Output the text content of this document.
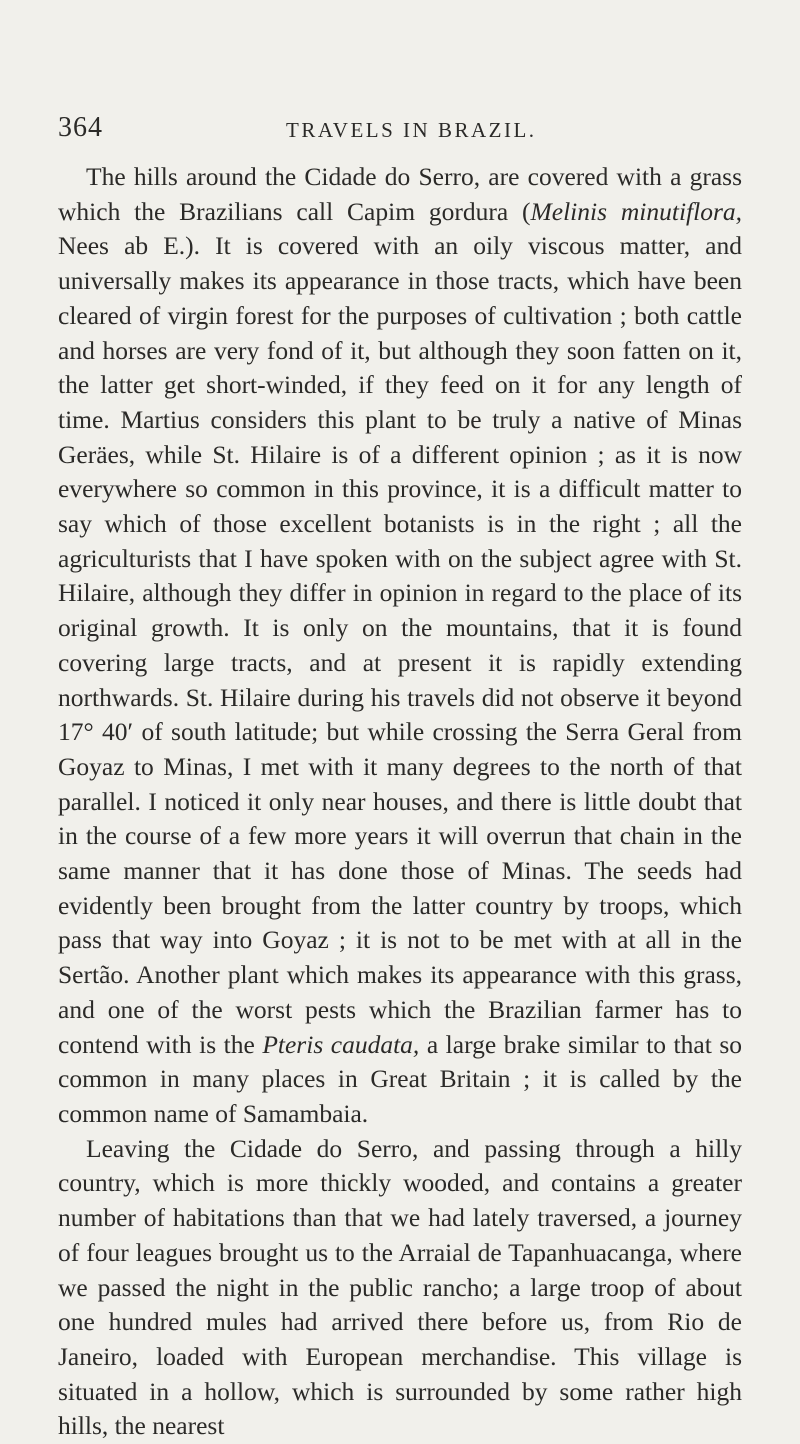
364	TRAVELS IN BRAZIL.

The hills around the Cidade do Serro, are covered with a grass which the Brazilians call Capim gordura (Melinis minutiflora, Nees ab E.). It is covered with an oily viscous matter, and universally makes its appearance in those tracts, which have been cleared of virgin forest for the purposes of cultivation ; both cattle and horses are very fond of it, but although they soon fatten on it, the latter get short-winded, if they feed on it for any length of time. Martius considers this plant to be truly a native of Minas Geräes, while St. Hilaire is of a different opinion ; as it is now everywhere so common in this province, it is a difficult matter to say which of those excellent botanists is in the right ; all the agriculturists that I have spoken with on the subject agree with St. Hilaire, although they differ in opinion in regard to the place of its original growth. It is only on the mountains, that it is found covering large tracts, and at present it is rapidly extending northwards. St. Hilaire during his travels did not observe it beyond 17° 40′ of south latitude; but while crossing the Serra Geral from Goyaz to Minas, I met with it many degrees to the north of that parallel. I noticed it only near houses, and there is little doubt that in the course of a few more years it will overrun that chain in the same manner that it has done those of Minas. The seeds had evidently been brought from the latter country by troops, which pass that way into Goyaz ; it is not to be met with at all in the Sertão. Another plant which makes its appearance with this grass, and one of the worst pests which the Brazilian farmer has to contend with is the Pteris caudata, a large brake similar to that so common in many places in Great Britain ; it is called by the common name of Samambaia.

Leaving the Cidade do Serro, and passing through a hilly country, which is more thickly wooded, and contains a greater number of habitations than that we had lately traversed, a journey of four leagues brought us to the Arraial de Tapanhuacanga, where we passed the night in the public rancho; a large troop of about one hundred mules had arrived there before us, from Rio de Janeiro, loaded with European merchandise. This village is situated in a hollow, which is surrounded by some rather high hills, the nearest
